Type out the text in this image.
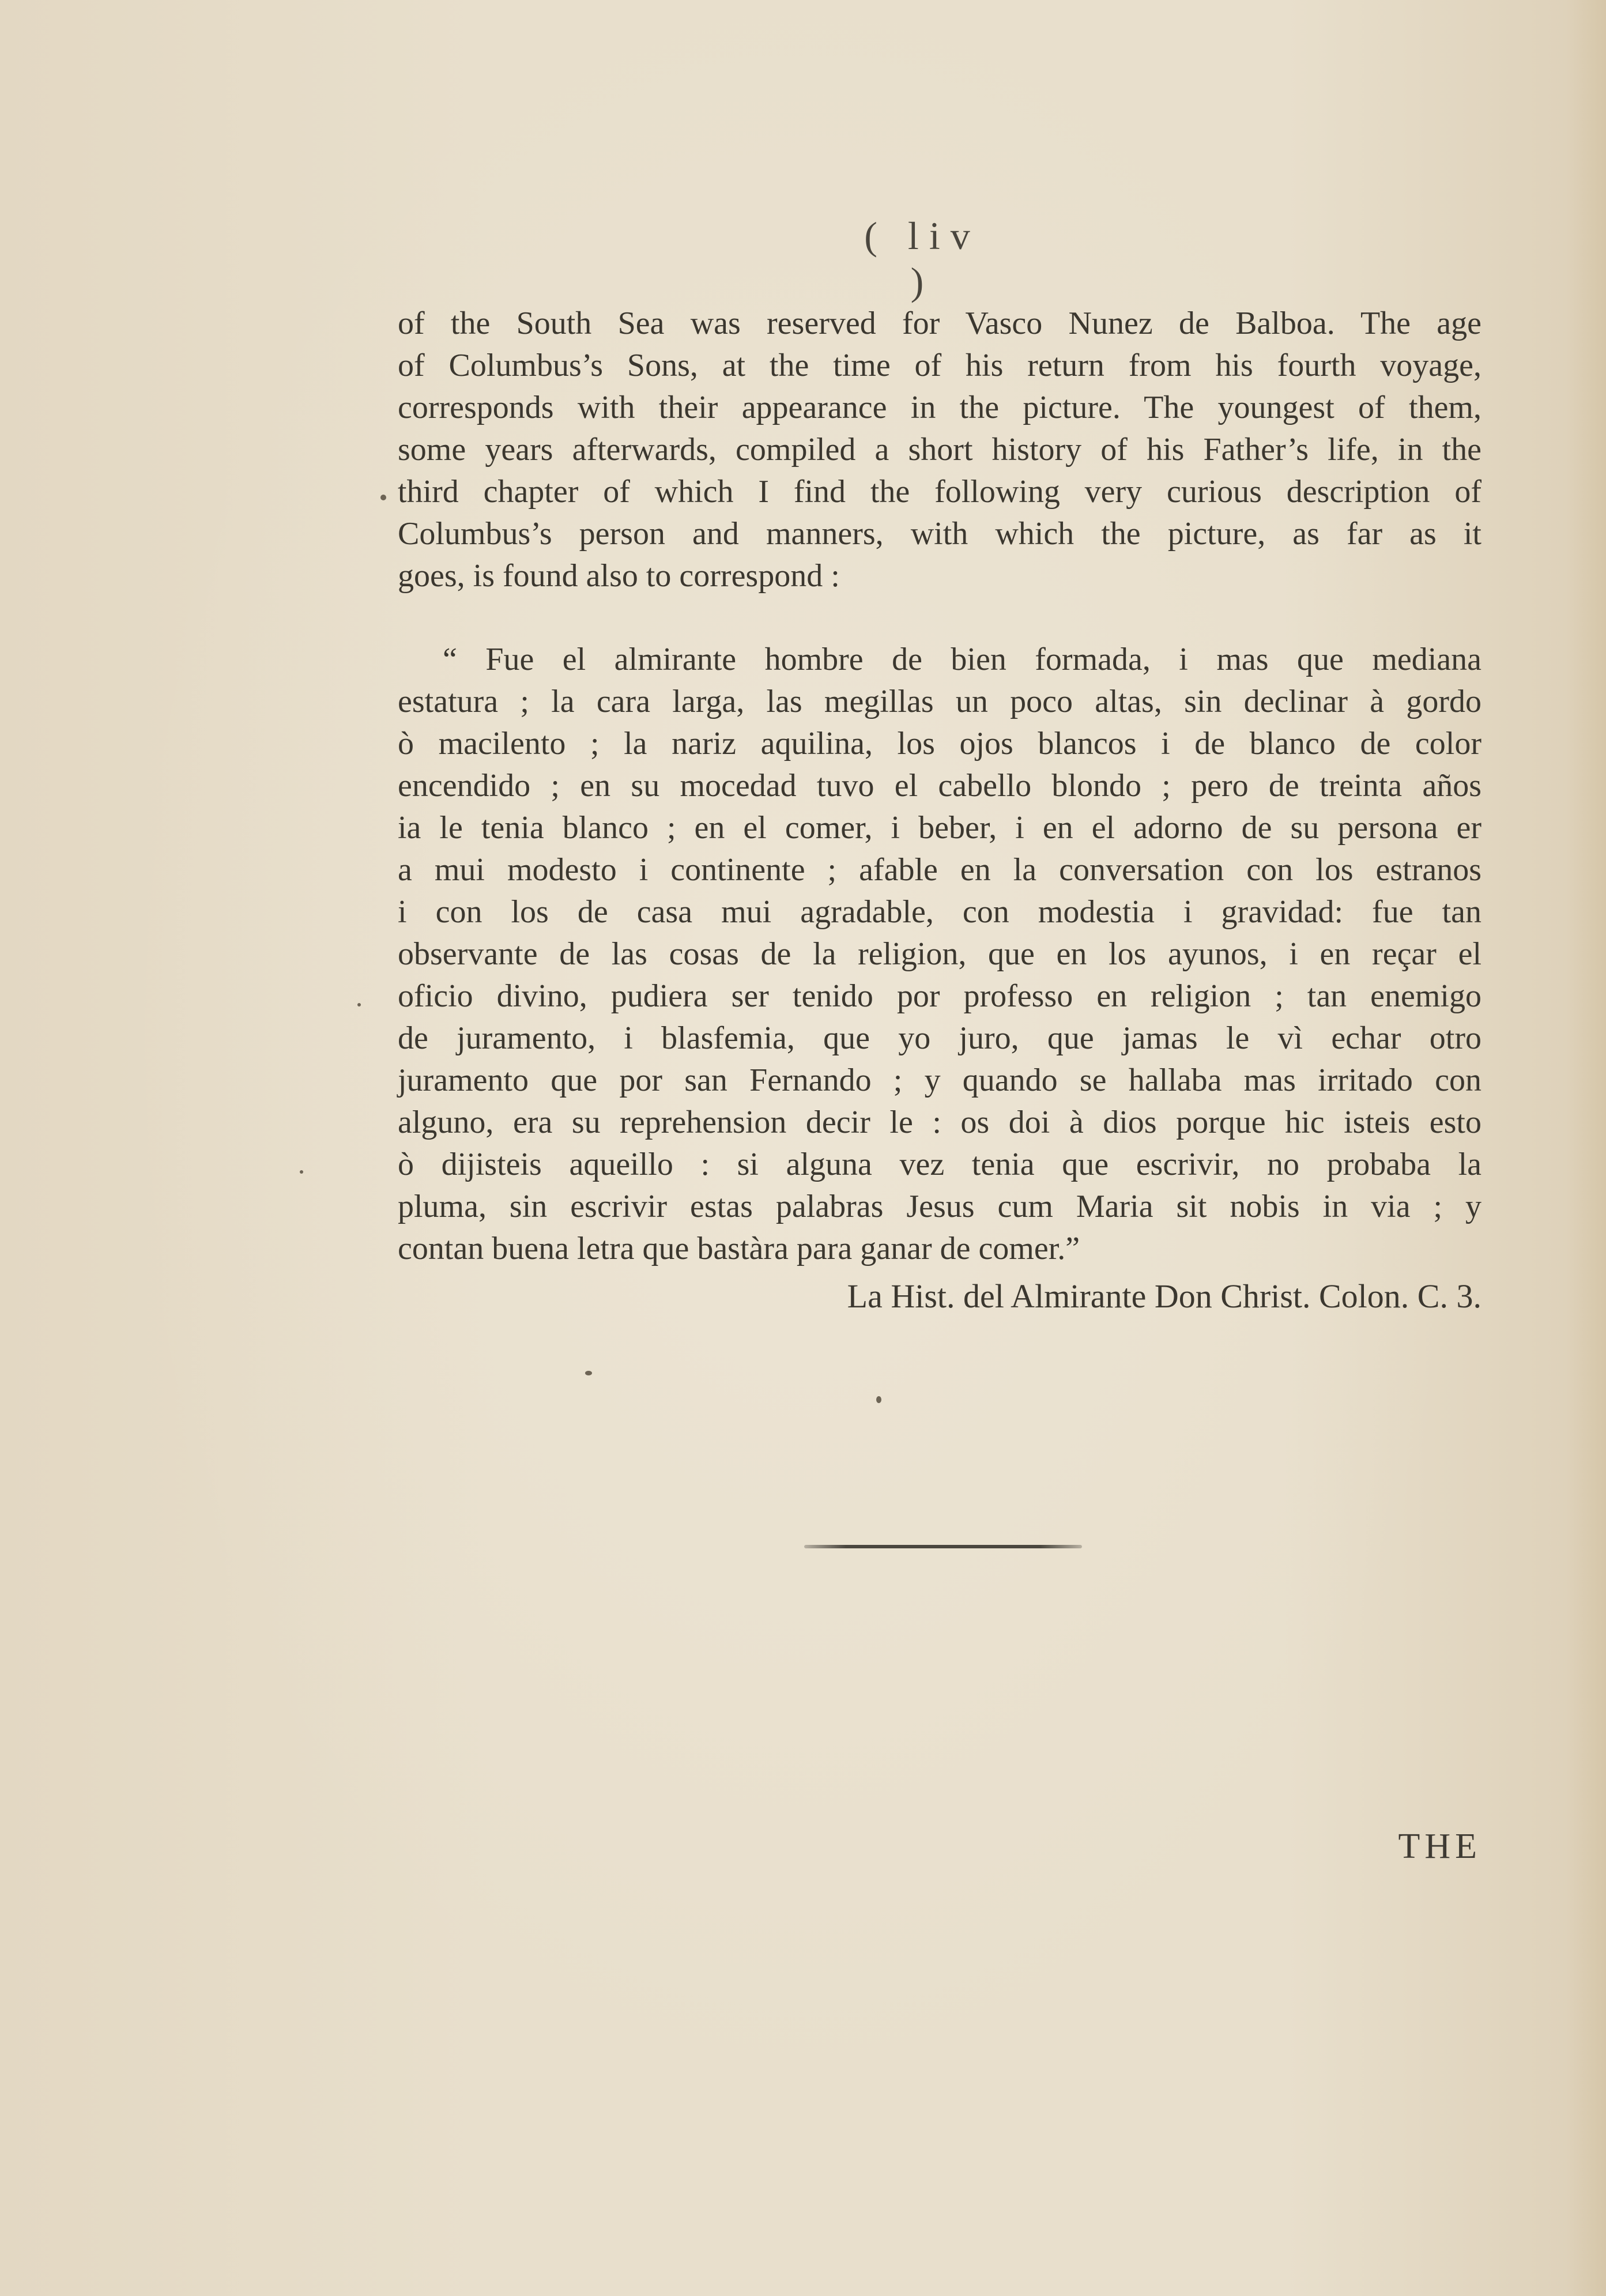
( liv )
of the South Sea was reserved for Vasco Nunez de Balboa. The age
of Columbus’s Sons, at the time of his return from his fourth voyage,
corresponds with their appearance in the picture. The youngest of them,
some years afterwards, compiled a short history of his Father’s life, in the
third chapter of which I find the following very curious description of
Columbus’s person and manners, with which the picture, as far as it
goes, is found also to correspond :
“ Fue el almirante hombre de bien formada, i mas que mediana
estatura ; la cara larga, las megillas un poco altas, sin declinar à gordo
ò macilento ; la nariz aquilina, los ojos blancos i de blanco de color
encendido ; en su mocedad tuvo el cabello blondo ; pero de treinta años
ia le tenia blanco ; en el comer, i beber, i en el adorno de su persona er
a mui modesto i continente ; afable en la conversation con los estranos
i con los de casa mui agradable, con modestia i gravidad: fue tan
observante de las cosas de la religion, que en los ayunos, i en reçar el
oficio divino, pudiera ser tenido por professo en religion ; tan enemigo
de juramento, i blasfemia, que yo juro, que jamas le vì echar otro
juramento que por san Fernando ; y quando se hallaba mas irritado con
alguno, era su reprehension decir le : os doi à dios porque hic isteis esto
ò dijisteis aqueillo : si alguna vez tenia que escrivir, no probaba la
pluma, sin escrivir estas palabras Jesus cum Maria sit nobis in via ; y
contan buena letra que bastàra para ganar de comer.”
La Hist. del Almirante Don Christ. Colon. C. 3.
THE
